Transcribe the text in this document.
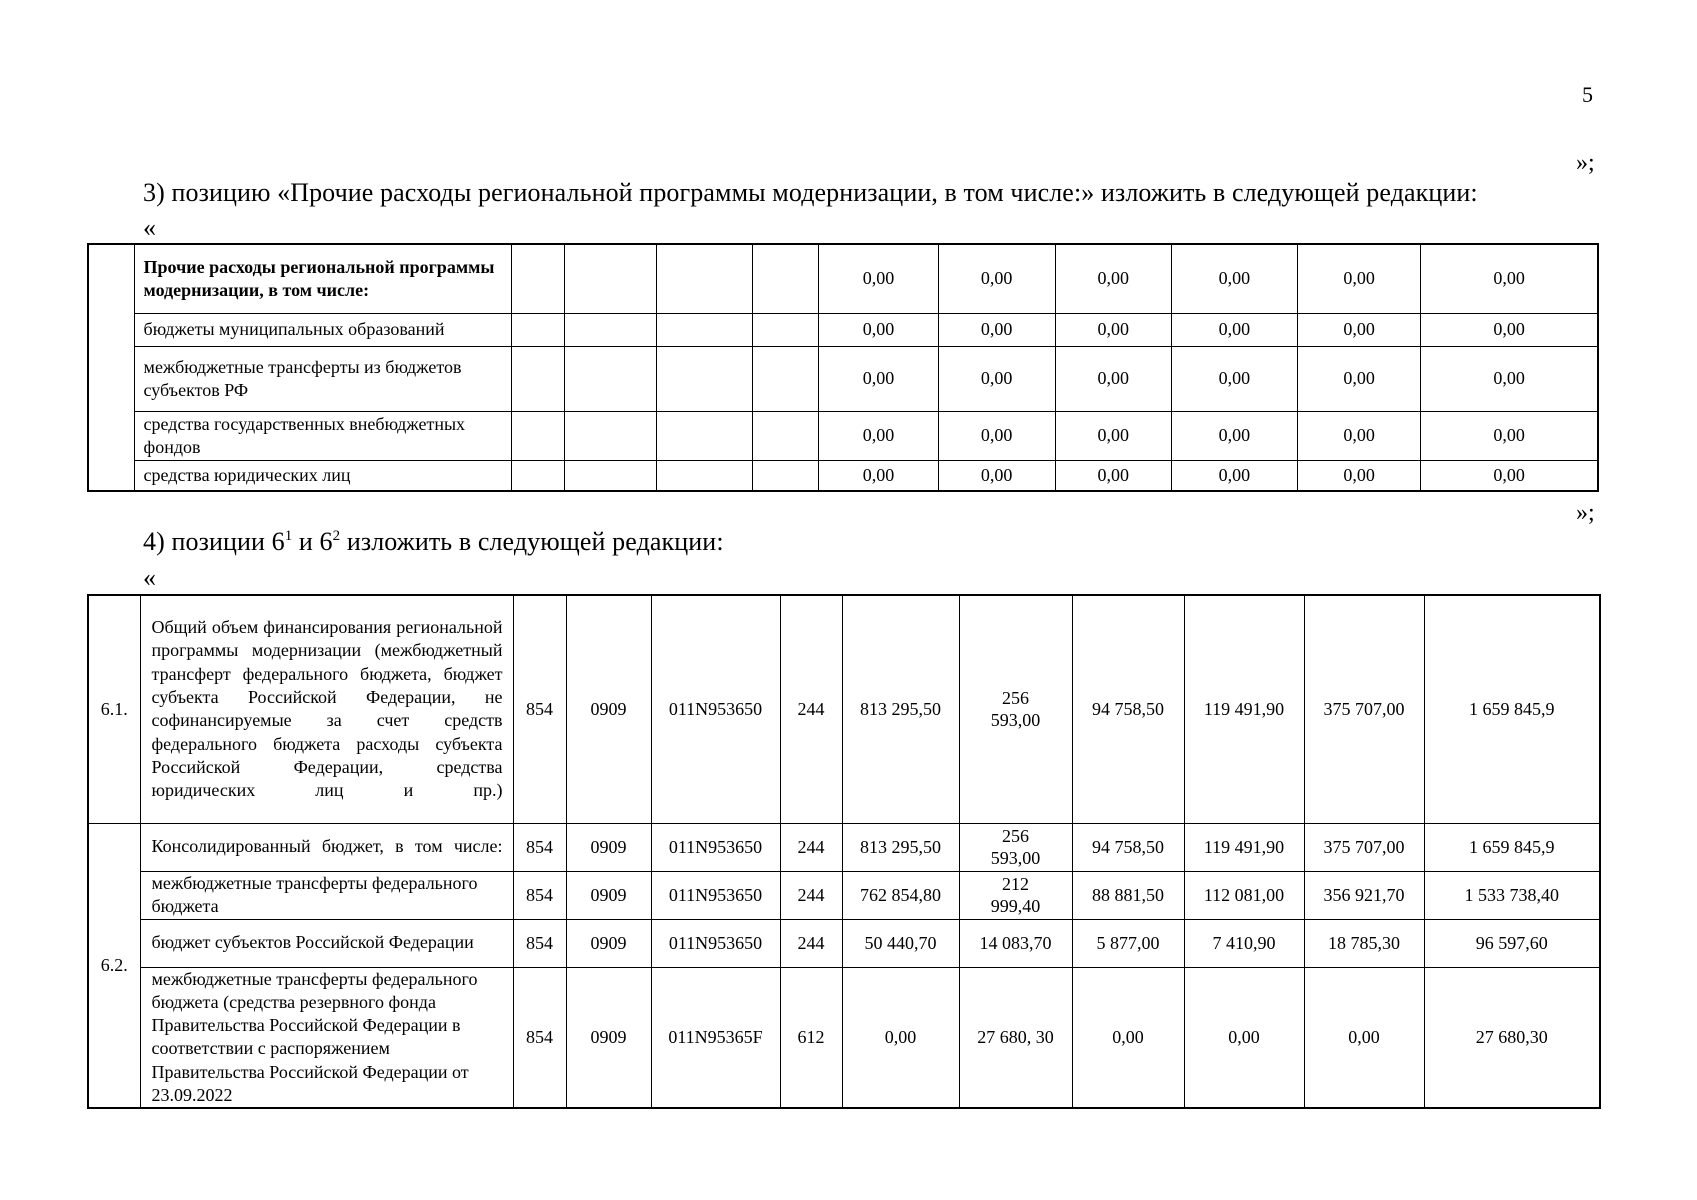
5
»;
3) позицию «Прочие расходы региональной программы модернизации, в том числе:» изложить в следующей редакции:
«
	Прочие расходы региональной программы модернизации, в том числе:					0,00	0,00	0,00	0,00	0,00	0,00
	бюджеты муниципальных образований					0,00	0,00	0,00	0,00	0,00	0,00
	межбюджетные трансферты из бюджетов субъектов РФ					0,00	0,00	0,00	0,00	0,00	0,00
	средства государственных внебюджетных фондов					0,00	0,00	0,00	0,00	0,00	0,00
	средства юридических лиц					0,00	0,00	0,00	0,00	0,00	0,00
»;
4) позиции $6^1$ и $6^2$ изложить в следующей редакции:
«
6.1.	Общий объем финансирования региональной программы модернизации (межбюджетный трансферт федерального бюджета, бюджет субъекта Российской Федерации, не софинансируемые за счет средств федерального бюджета расходы субъекта Российской Федерации, средства юридических лиц и пр.)	854	0909	011N953650	244	813 295,50	256 593,00	94 758,50	119 491,90	375 707,00	1 659 845,9
6.2.	Консолидированный бюджет, в том числе:	854	0909	011N953650	244	813 295,50	256 593,00	94 758,50	119 491,90	375 707,00	1 659 845,9
	межбюджетные трансферты федерального бюджета	854	0909	011N953650	244	762 854,80	212 999,40	88 881,50	112 081,00	356 921,70	1 533 738,40
	бюджет субъектов Российской Федерации	854	0909	011N953650	244	50 440,70	14 083,70	5 877,00	7 410,90	18 785,30	96 597,60
	межбюджетные трансферты федерального бюджета (средства резервного фонда Правительства Российской Федерации в соответствии с распоряжением Правительства Российской Федерации от 23.09.2022	854	0909	011N95365F	612	0,00	27 680, 30	0,00	0,00	0,00	27 680,30
